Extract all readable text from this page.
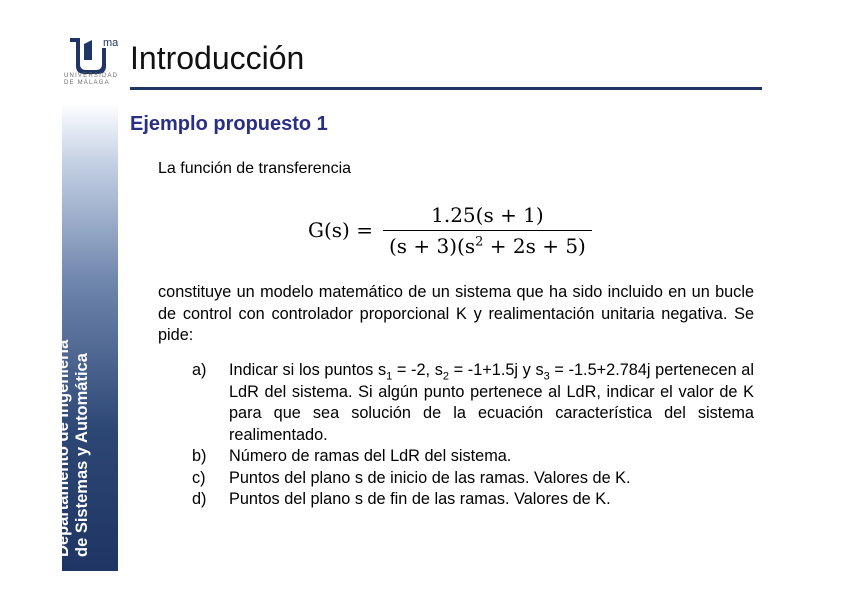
Departamento de Ingeniería de Sistemas y Automática
ma
UNIVERSIDAD
DE MÁLAGA
Introducción
Ejemplo propuesto 1
La función de transferencia
$G(s) = \frac{1.25(s + 1)}{(s + 3)(s^2 + 2s + 5)}$
constituye un modelo matemático de un sistema que ha sido incluido en un bucle de control con controlador proporcional K y realimentación unitaria negativa. Se pide:
a)	Indicar si los puntos $s_1 = -2$, $s_2 = -1+1.5j$ y $s_3 = -1.5+2.784j$ pertenecen al LdR del sistema. Si algún punto pertenece al LdR, indicar el valor de K para que sea solución de la ecuación característica del sistema realimentado.
b)	Número de ramas del LdR del sistema.
c)	Puntos del plano s de inicio de las ramas. Valores de K.
d)	Puntos del plano s de fin de las ramas. Valores de K.
